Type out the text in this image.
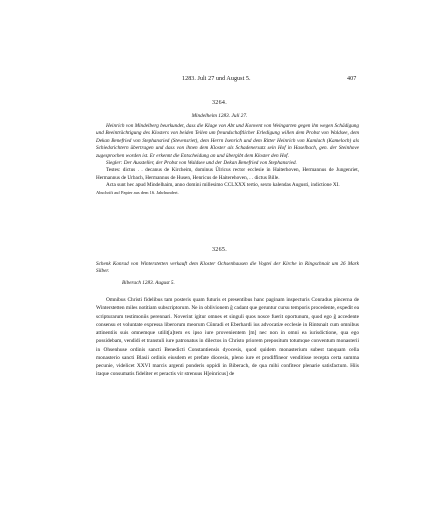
1283. Juli 27 und August 5.	407
3264.
Mindelheim 1283. Juli 27.

Heinrich von Mindelberg beurkundet, dass die Klage von Abt und Konvent von Weingarten gegen ihn wegen Schädigung und Beeinträchtigung des Klosters von beiden Teilen um freundschaftlicher Erledigung willen dem Probst von Waldsee, dem Dekan Benefried von Stephansried (Stevensriet), dem Herrn Isenrich und dem Ritter Heinrich von Kamlach (Kameloch) als Schiedsrichtern übertragen und dass von ihnen dem Kloster als Schadenersatz sein Hof in Haselbach, gen. der Steinhove zugesprochen worden ist. Er erkennt die Entscheidung an und übergibt dem Kloster den Hof.

Siegler: Der Aussteller, der Probst von Waldsee und der Dekan Benefried von Stephansried.

Testes: dictus . . decanus de Kircheim, dominus Ŭlricus rector ecclesie in Haiterhoven, Hermannus de Jungenriet, Hermannus de Urbach, Hermannus de Husen, Henricus de Haiterehoven, . . dictus Bille.

Acta sunt hec apud Mindelhaim, anno domini millesimo CCLXXX tertio, sexto kalendas Augusti, indictione XI.

Abschrift auf Papier aus dem 16. Jahrhundert.

3265.

Schenk Konrad von Winterstetten verkauft dem Kloster Ochsenhausen die Vogtei der Kirche in Ringschnait um 26 Mark Silber.

Biberach 1283. August 5.

Omnibus Christi fidelibus tam posteris quam futuris et presentibus hanc paginam inspecturis Conradus pincerna de Winterstetten miles notitiam subscriptorum. Ne in oblivionem ğ cadant que geruntur cursu temporis procedente, expedit ea scripturarum testimoniis perennari. Noverint igitur omnes et singuli quos nosce fuerit oportunum, quod ego ğ accedente consensu et voluntate expressa liberorum meorum Cŭnradi et Eberhardi ius advocatiæ ecclesie in Rintsnait cum omnibus attinentiis suis omnemque utilit[a]tem ex ipso iure provenientem [m] nec non in omni ea iurisdictione, qua ego possidebam, vendidi et transtuli iure patronatus in dilectos in Christo priorem prepositum totumque conventum monasterii in Ohsenhuse ordinis sancti Benedicti Constantiensis dyocesis, quod quidem monasterium subest tanquam cella monasterio sancti Blasii ordinis eiusdem et prefate diocesis, pleno iure et prodiffineor venditisse recepta certa summa pecunie, videlicet XXVI marcis argenti ponderis oppidi in Biberach, de qua mihi confiteor plenarie satisfactum. Hiis itaque consumatis fideliter et peractis vir strenuus H[einricus] de
